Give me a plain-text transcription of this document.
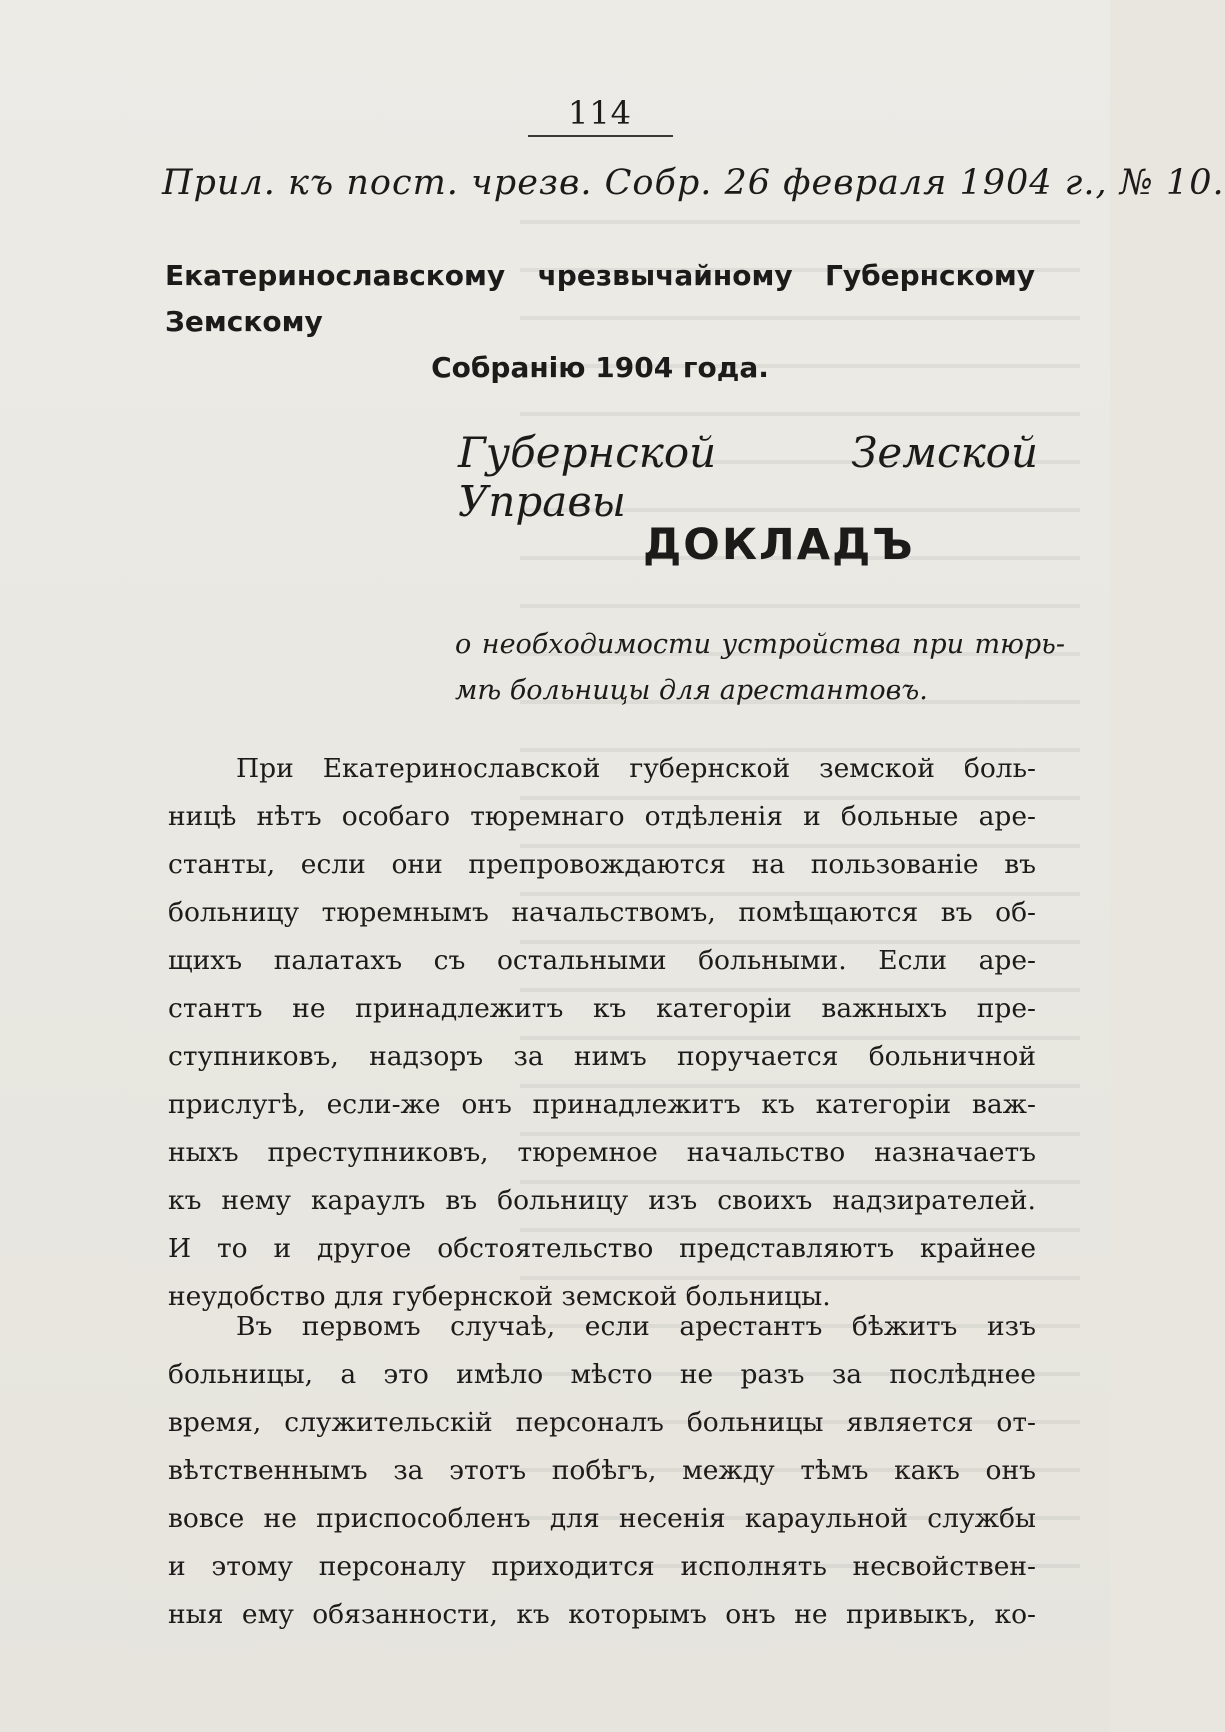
114
Прил. къ пост. чрезв. Собр. 26 февраля 1904 г., № 10.
Екатеринославскому чрезвычайному Губернскому Земскому
Собранію 1904 года.
Губернской Земской Управы
ДОКЛАДЪ
о необходимости устройства при тюрь-
мѣ больницы для арестантовъ.
При Екатеринославской губернской земской боль-
ницѣ нѣтъ особаго тюремнаго отдѣленія и больные аре-
станты, если они препровождаются на пользованіе въ
больницу тюремнымъ начальствомъ, помѣщаются въ об-
щихъ палатахъ съ остальными больными. Если аре-
стантъ не принадлежитъ къ категоріи важныхъ пре-
ступниковъ, надзоръ за нимъ поручается больничной
прислугѣ, если-же онъ принадлежитъ къ категоріи важ-
ныхъ преступниковъ, тюремное начальство назначаетъ
къ нему караулъ въ больницу изъ своихъ надзирателей.
И то и другое обстоятельство представляютъ крайнее
неудобство для губернской земской больницы.
Въ первомъ случаѣ, если арестантъ бѣжитъ изъ
больницы, а это имѣло мѣсто не разъ за послѣднее
время, служительскій персоналъ больницы является от-
вѣтственнымъ за этотъ побѣгъ, между тѣмъ какъ онъ
вовсе не приспособленъ для несенія караульной службы
и этому персоналу приходится исполнять несвойствен-
ныя ему обязанности, къ которымъ онъ не привыкъ, ко-
